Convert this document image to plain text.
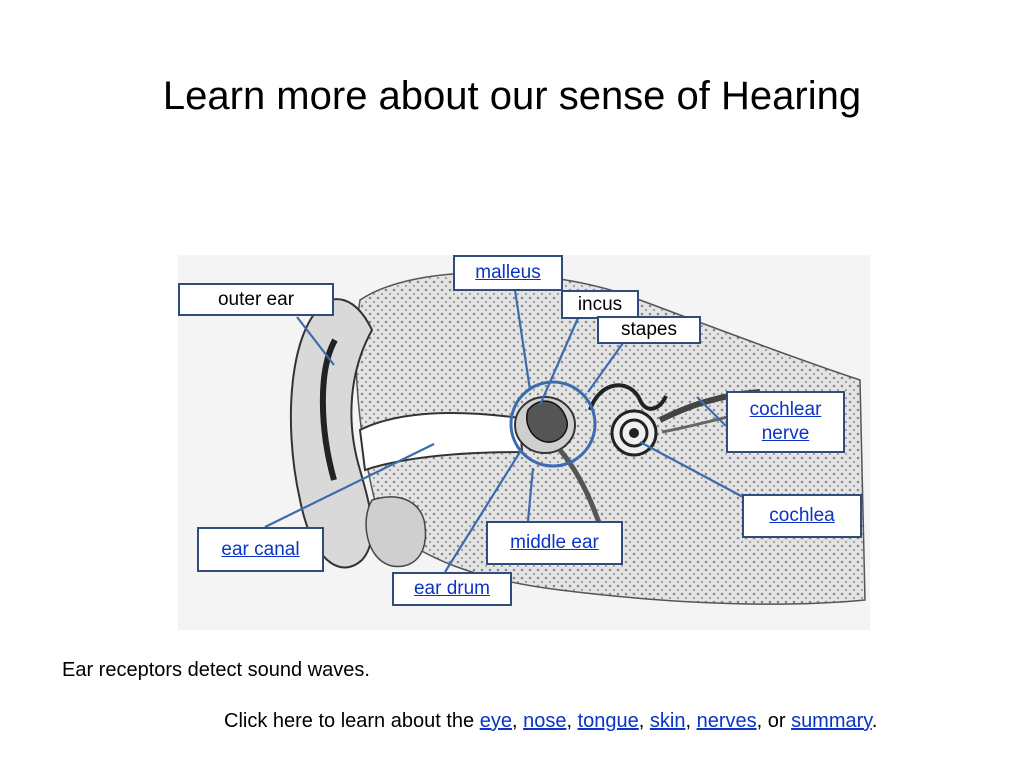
Learn more about our sense of Hearing
outer ear
malleus
incus
stapes
cochlear
nerve
cochlea
ear canal	middle ear
ear drum
Ear receptors detect sound waves.
Click here to learn about the eye, nose, tongue, skin, nerves, or summary.
